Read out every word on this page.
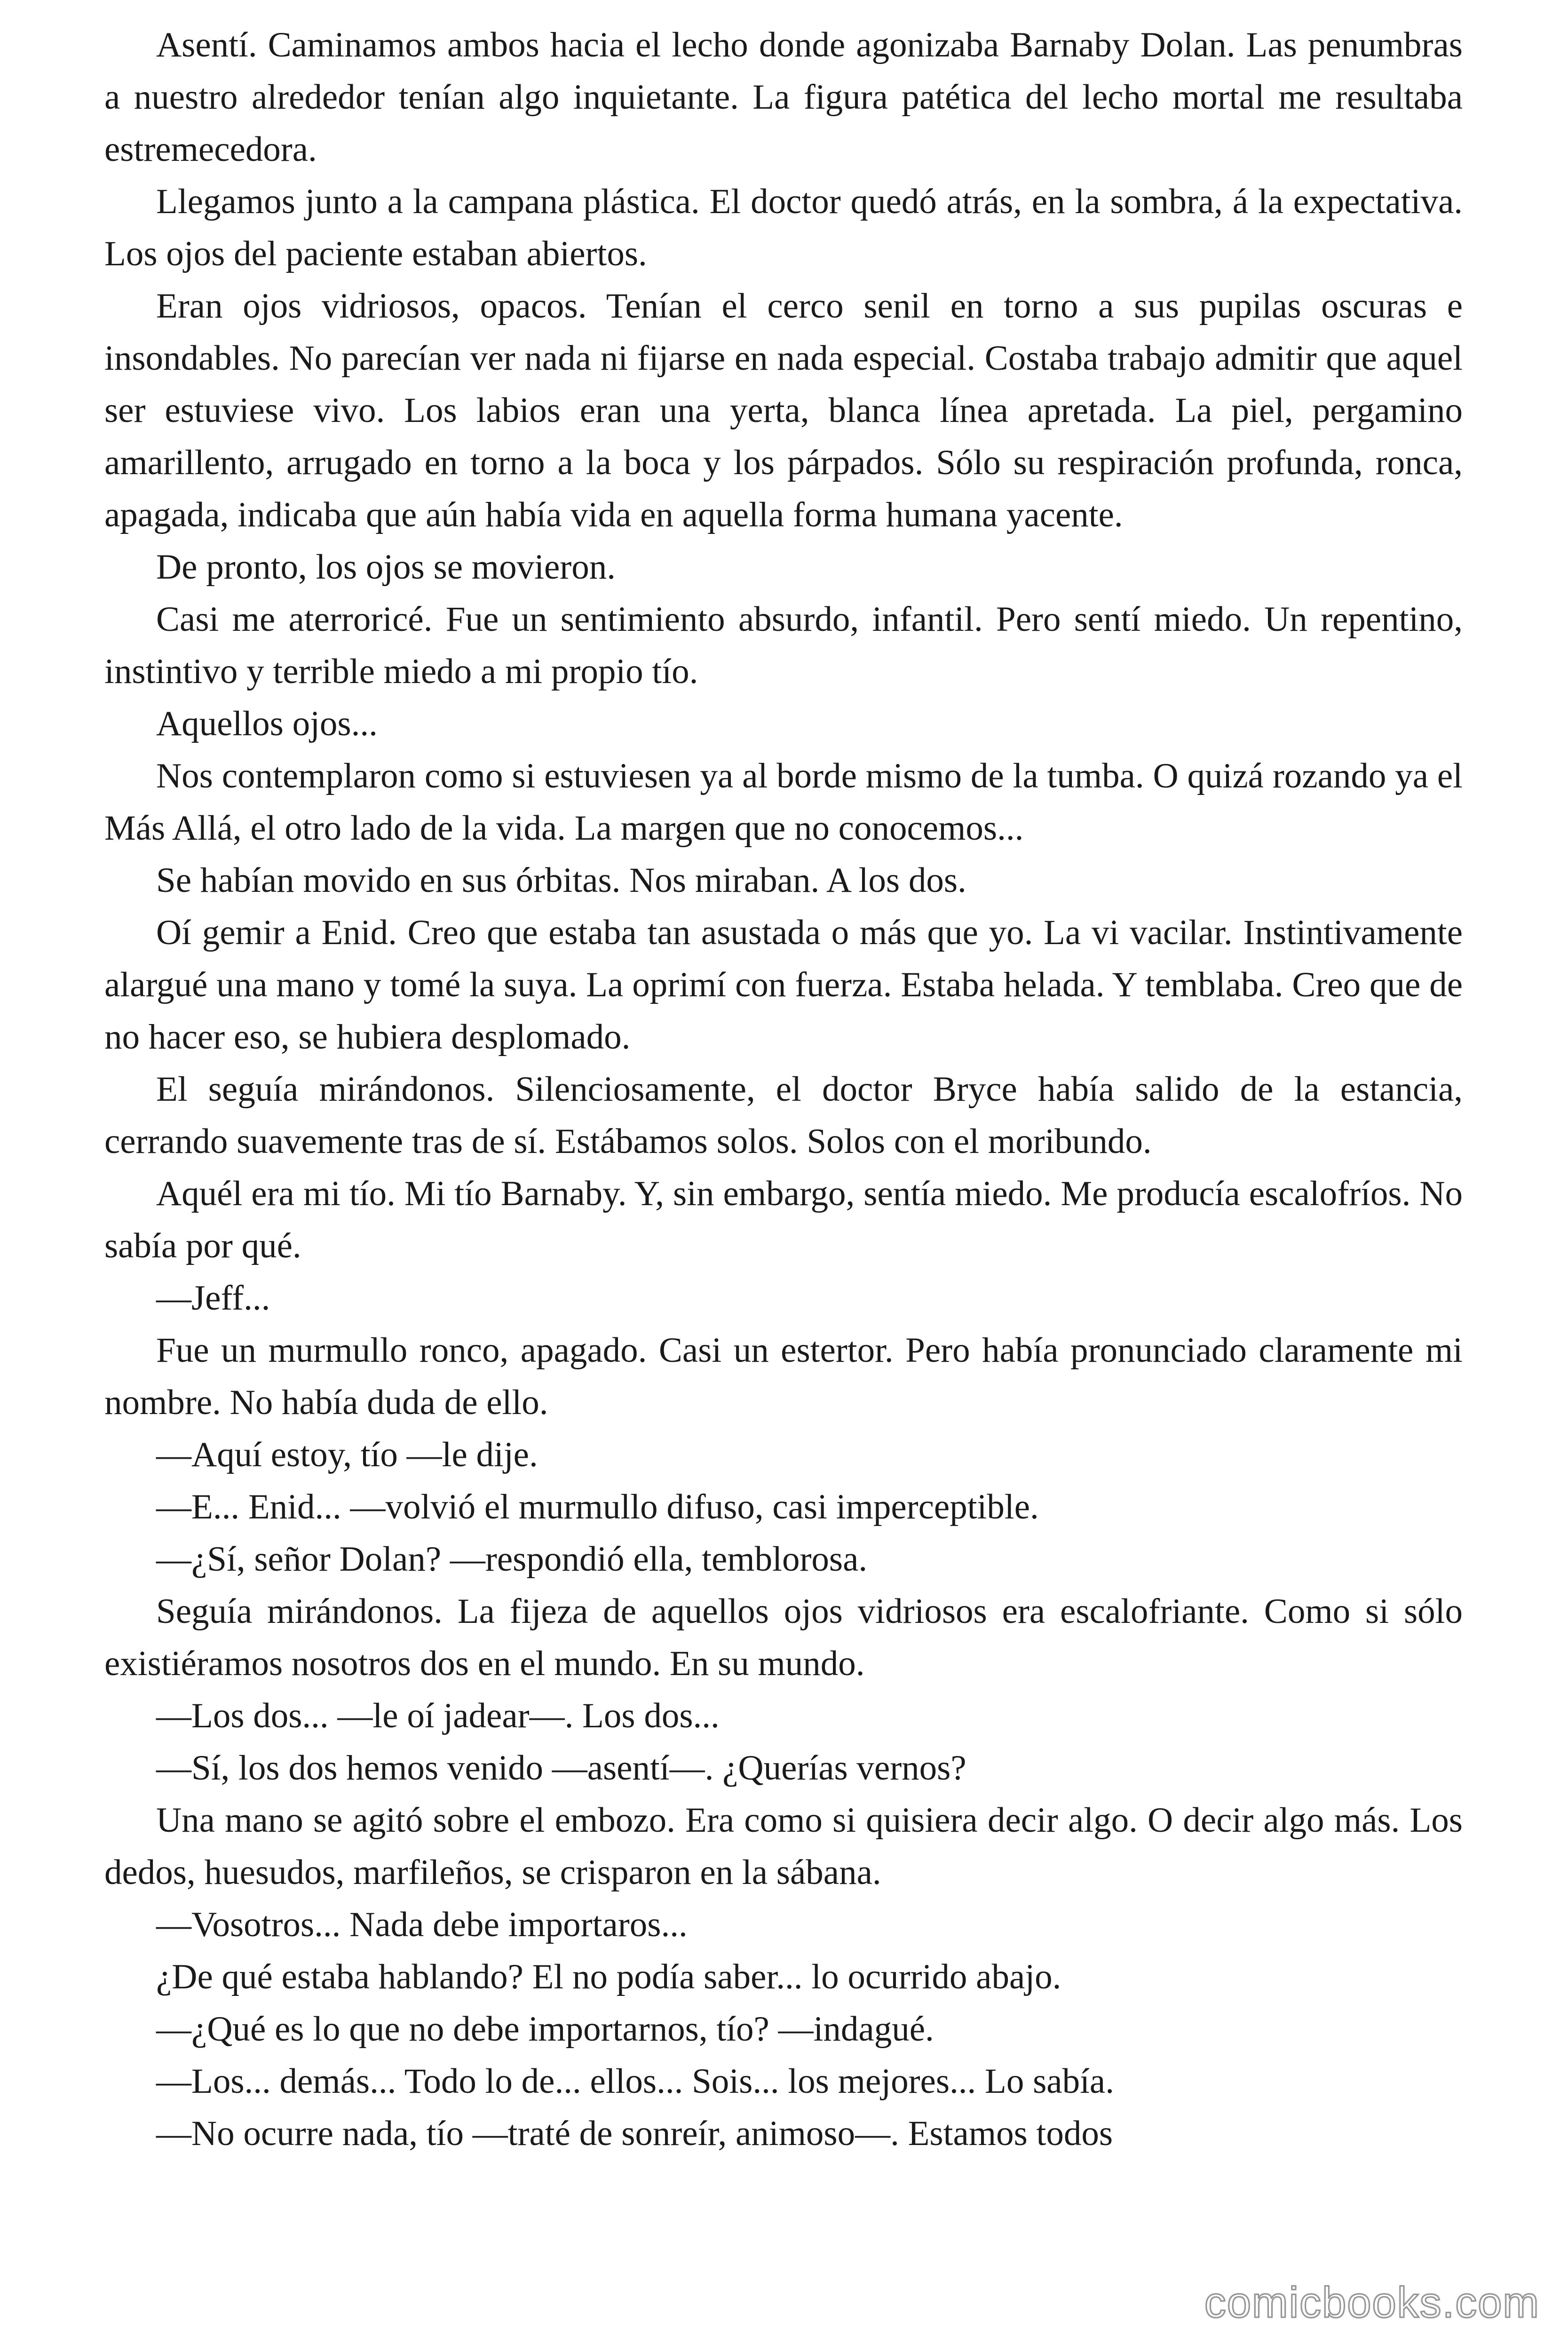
Asentí. Caminamos ambos hacia el lecho donde agonizaba Barnaby Dolan. Las penumbras a nuestro alrededor tenían algo inquietante. La figura patética del lecho mortal me resultaba estremecedora.

Llegamos junto a la campana plástica. El doctor quedó atrás, en la sombra, á la expectativa. Los ojos del paciente estaban abiertos.

Eran ojos vidriosos, opacos. Tenían el cerco senil en torno a sus pupilas oscuras e insondables. No parecían ver nada ni fijarse en nada especial. Costaba trabajo admitir que aquel ser estuviese vivo. Los labios eran una yerta, blanca línea apretada. La piel, pergamino amarillento, arrugado en torno a la boca y los párpados. Sólo su respiración profunda, ronca, apagada, indicaba que aún había vida en aquella forma humana yacente.

De pronto, los ojos se movieron.

Casi me aterroricé. Fue un sentimiento absurdo, infantil. Pero sentí miedo. Un repentino, instintivo y terrible miedo a mi propio tío.

Aquellos ojos...

Nos contemplaron como si estuviesen ya al borde mismo de la tumba. O quizá rozando ya el Más Allá, el otro lado de la vida. La margen que no conocemos...

Se habían movido en sus órbitas. Nos miraban. A los dos.

Oí gemir a Enid. Creo que estaba tan asustada o más que yo. La vi vacilar. Instintivamente alargué una mano y tomé la suya. La oprimí con fuerza. Estaba helada. Y temblaba. Creo que de no hacer eso, se hubiera desplomado.

El seguía mirándonos. Silenciosamente, el doctor Bryce había salido de la estancia, cerrando suavemente tras de sí. Estábamos solos. Solos con el moribundo.

Aquél era mi tío. Mi tío Barnaby. Y, sin embargo, sentía miedo. Me producía escalofríos. No sabía por qué.

—Jeff...

Fue un murmullo ronco, apagado. Casi un estertor. Pero había pronunciado claramente mi nombre. No había duda de ello.

—Aquí estoy, tío —le dije.

—E... Enid... —volvió el murmullo difuso, casi imperceptible.

—¿Sí, señor Dolan? —respondió ella, temblorosa.

Seguía mirándonos. La fijeza de aquellos ojos vidriosos era escalofriante. Como si sólo existiéramos nosotros dos en el mundo. En su mundo.

—Los dos... —le oí jadear—. Los dos...

—Sí, los dos hemos venido —asentí—. ¿Querías vernos?

Una mano se agitó sobre el embozo. Era como si quisiera decir algo. O decir algo más. Los dedos, huesudos, marfileños, se crisparon en la sábana.

—Vosotros... Nada debe importaros...

¿De qué estaba hablando? El no podía saber... lo ocurrido abajo.

—¿Qué es lo que no debe importarnos, tío? —indagué.

—Los... demás... Todo lo de... ellos... Sois... los mejores... Lo sabía.

—No ocurre nada, tío —traté de sonreír, animoso—. Estamos todos

comicbooks.com
